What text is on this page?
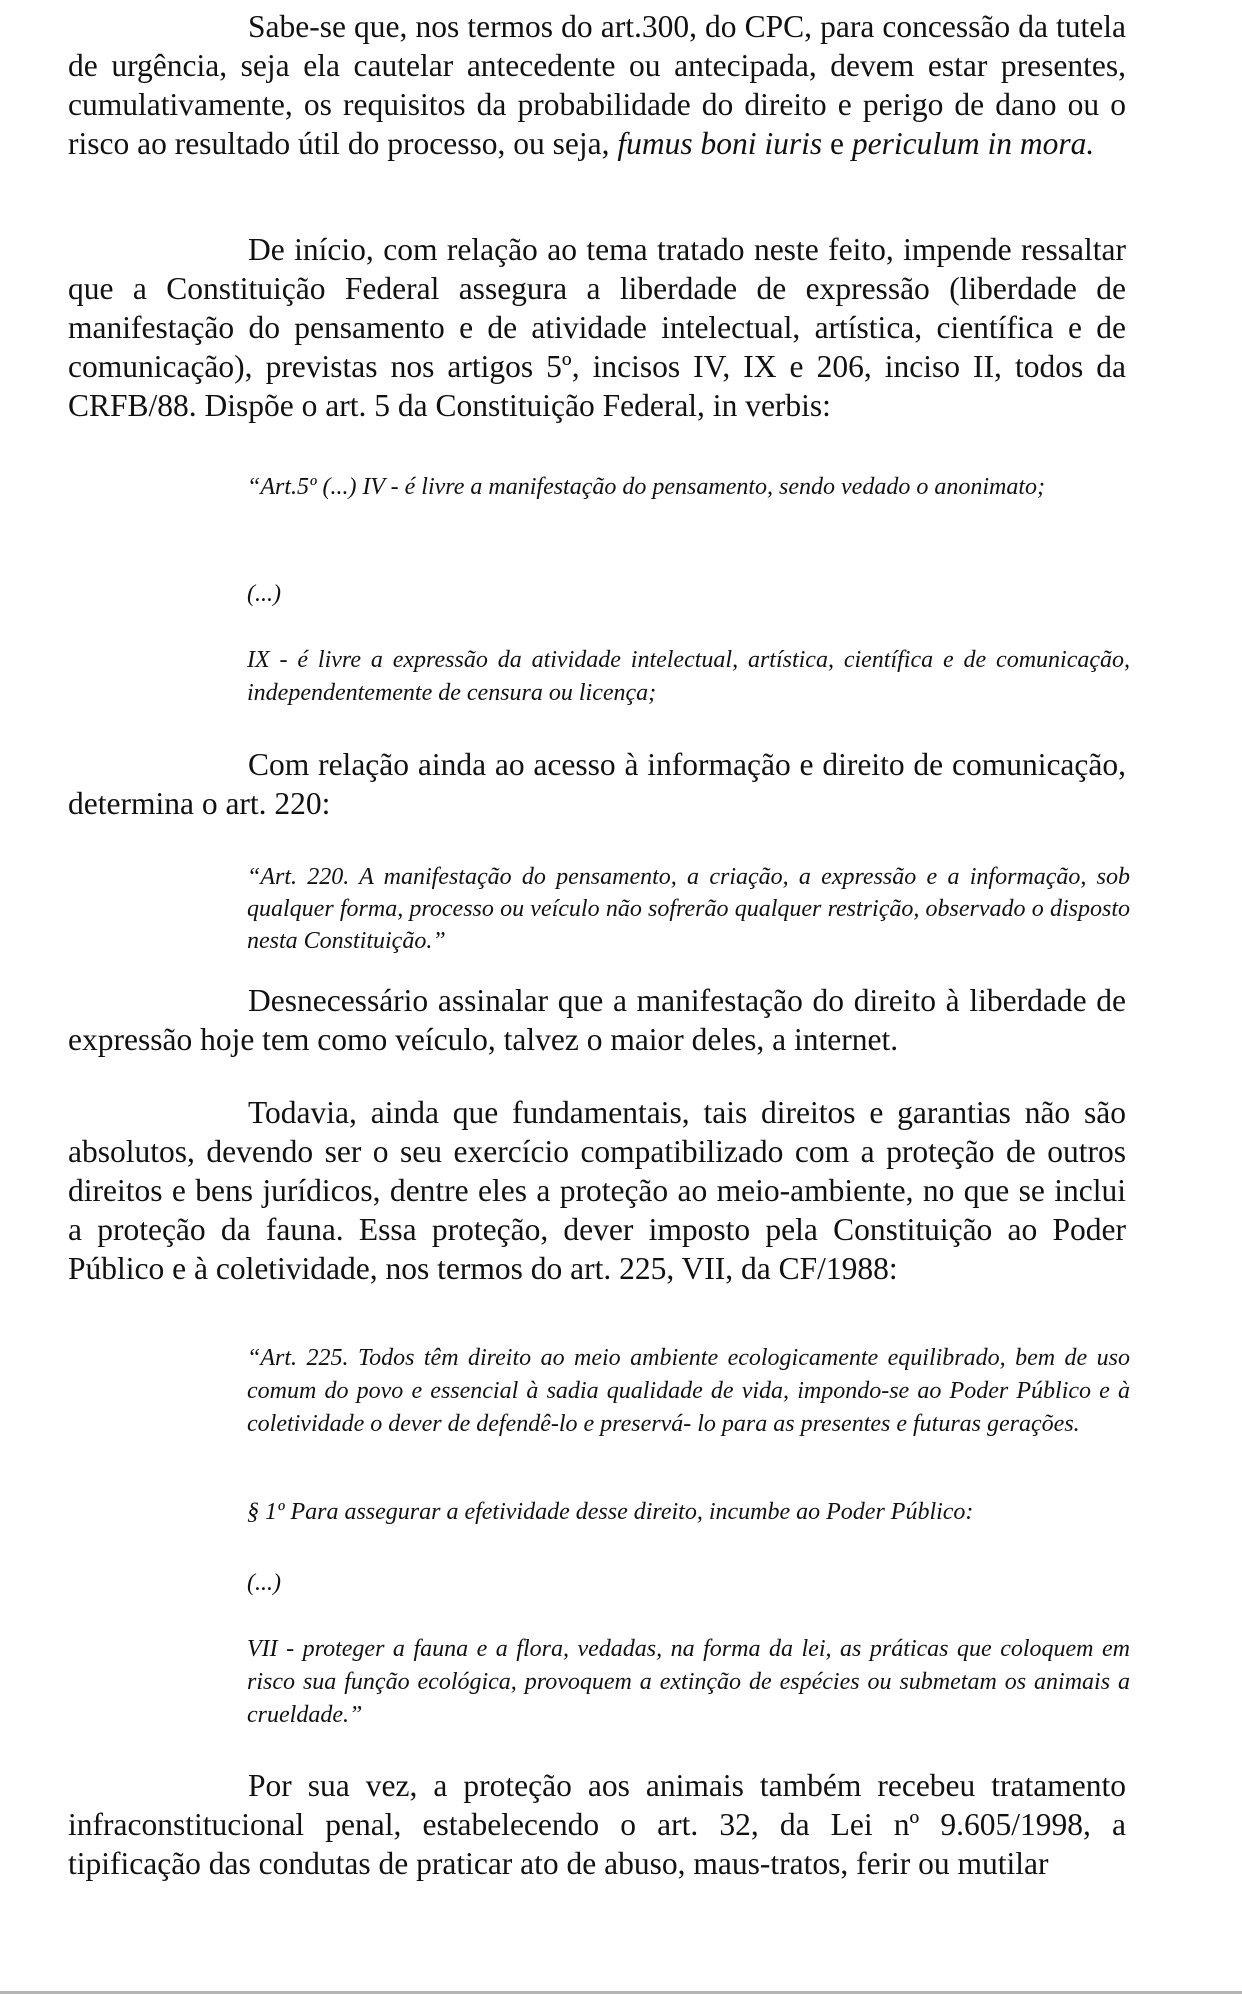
Sabe-se que, nos termos do art.300, do CPC, para concessão da tutela de urgência, seja ela cautelar antecedente ou antecipada, devem estar presentes, cumulativamente, os requisitos da probabilidade do direito e perigo de dano ou o risco ao resultado útil do processo, ou seja, fumus boni iuris e periculum in mora.

De início, com relação ao tema tratado neste feito, impende ressaltar que a Constituição Federal assegura a liberdade de expressão (liberdade de manifestação do pensamento e de atividade intelectual, artística, científica e de comunicação), previstas nos artigos 5º, incisos IV, IX e 206, inciso II, todos da CRFB/88. Dispõe o art. 5 da Constituição Federal, in verbis:

“Art.5º (...) IV - é livre a manifestação do pensamento, sendo vedado o anonimato;

(...)

IX - é livre a expressão da atividade intelectual, artística, científica e de comunicação, independentemente de censura ou licença;

Com relação ainda ao acesso à informação e direito de comunicação, determina o art. 220:

“Art. 220. A manifestação do pensamento, a criação, a expressão e a informação, sob qualquer forma, processo ou veículo não sofrerão qualquer restrição, observado o disposto nesta Constituição.”

Desnecessário assinalar que a manifestação do direito à liberdade de expressão hoje tem como veículo, talvez o maior deles, a internet.

Todavia, ainda que fundamentais, tais direitos e garantias não são absolutos, devendo ser o seu exercício compatibilizado com a proteção de outros direitos e bens jurídicos, dentre eles a proteção ao meio-ambiente, no que se inclui a proteção da fauna. Essa proteção, dever imposto pela Constituição ao Poder Público e à coletividade, nos termos do art. 225, VII, da CF/1988:

“Art. 225. Todos têm direito ao meio ambiente ecologicamente equilibrado, bem de uso comum do povo e essencial à sadia qualidade de vida, impondo-se ao Poder Público e à coletividade o dever de defendê-lo e preservá- lo para as presentes e futuras gerações.

§ 1º Para assegurar a efetividade desse direito, incumbe ao Poder Público:

(...)

VII - proteger a fauna e a flora, vedadas, na forma da lei, as práticas que coloquem em risco sua função ecológica, provoquem a extinção de espécies ou submetam os animais a crueldade.”

Por sua vez, a proteção aos animais também recebeu tratamento infraconstitucional penal, estabelecendo o art. 32, da Lei nº 9.605/1998, a tipificação das condutas de praticar ato de abuso, maus-tratos, ferir ou mutilar
